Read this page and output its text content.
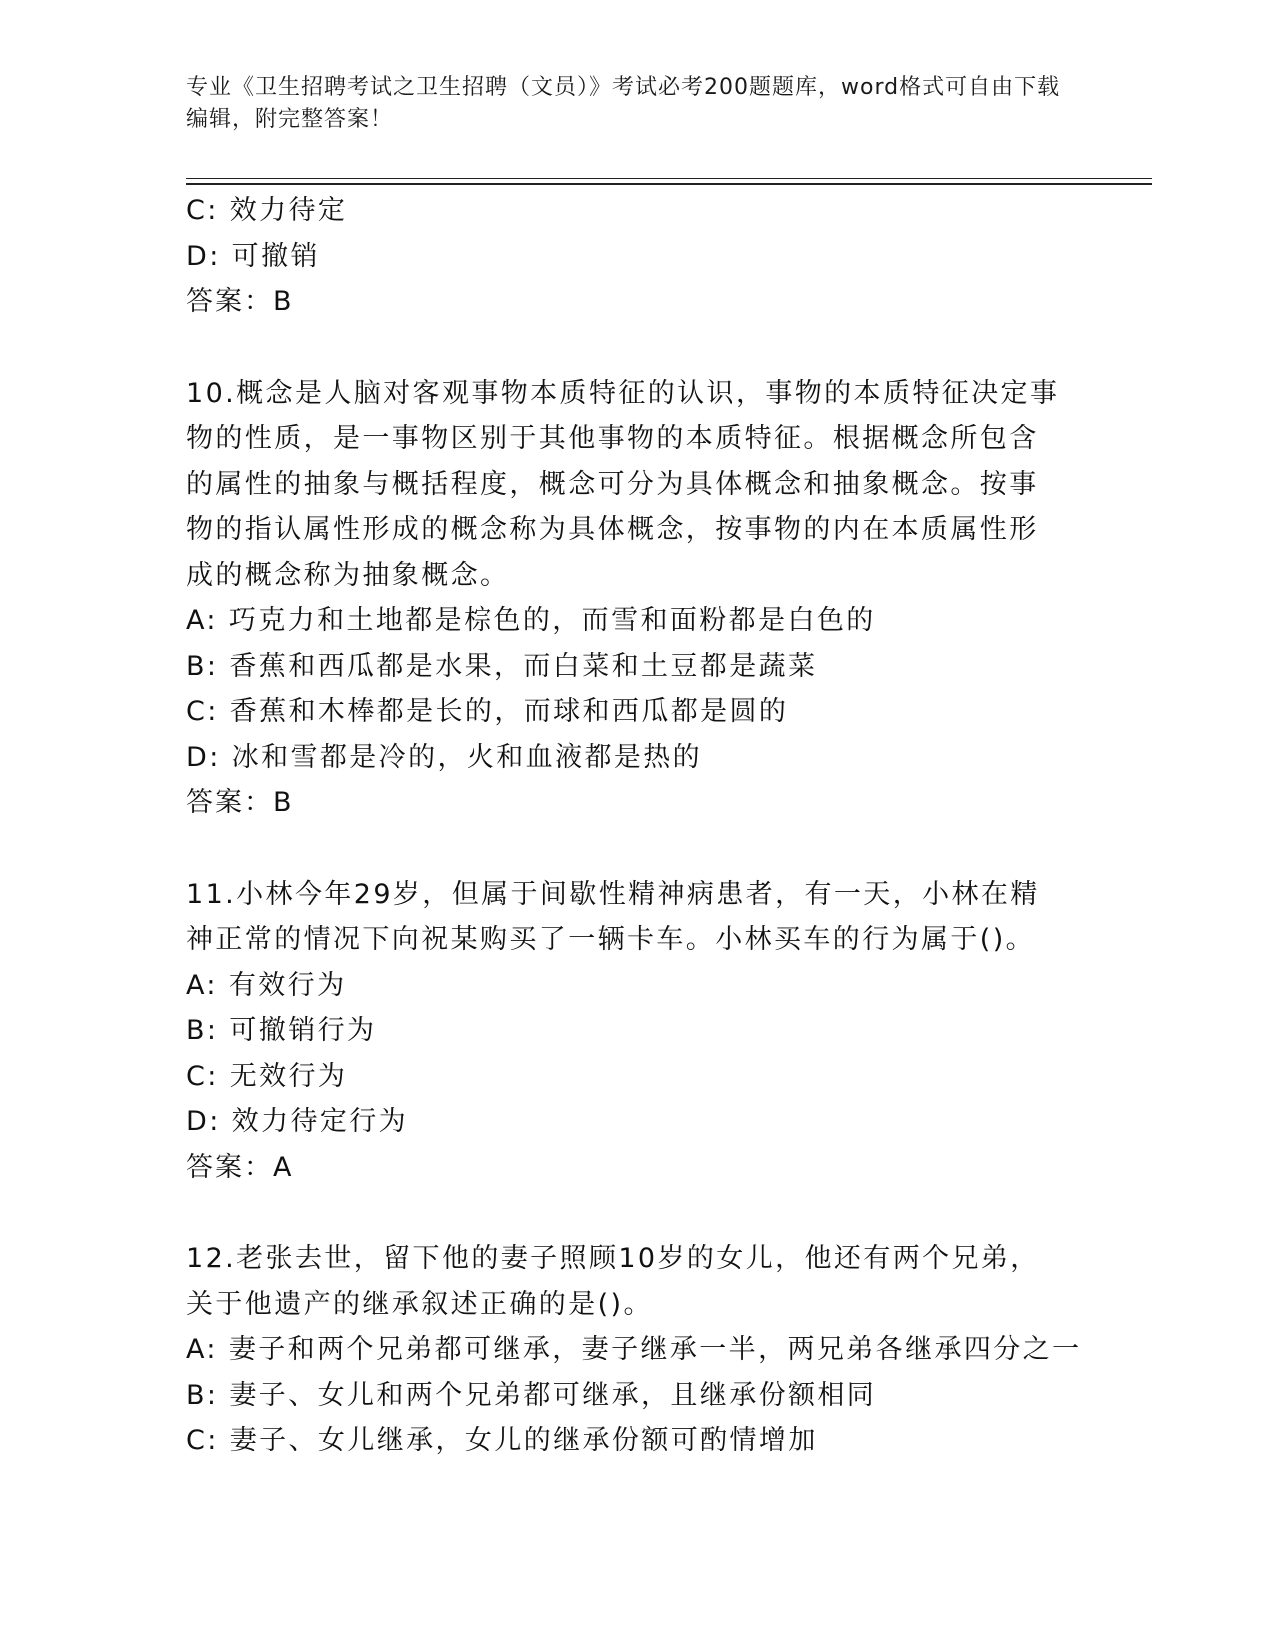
专业《卫生招聘考试之卫生招聘（文员）》考试必考200题题库，word格式可自由下载编辑，附完整答案！
C: 效力待定
D: 可撤销
答案：B
10.概念是人脑对客观事物本质特征的认识，事物的本质特征决定事物的性质，是一事物区别于其他事物的本质特征。根据概念所包含的属性的抽象与概括程度，概念可分为具体概念和抽象概念。按事物的指认属性形成的概念称为具体概念，按事物的内在本质属性形成的概念称为抽象概念。
A: 巧克力和土地都是棕色的，而雪和面粉都是白色的
B: 香蕉和西瓜都是水果，而白菜和土豆都是蔬菜
C: 香蕉和木棒都是长的，而球和西瓜都是圆的
D: 冰和雪都是冷的，火和血液都是热的
答案：B
11.小林今年29岁，但属于间歇性精神病患者，有一天，小林在精神正常的情况下向祝某购买了一辆卡车。小林买车的行为属于()。
A: 有效行为
B: 可撤销行为
C: 无效行为
D: 效力待定行为
答案：A
12.老张去世，留下他的妻子照顾10岁的女儿，他还有两个兄弟，关于他遗产的继承叙述正确的是()。
A: 妻子和两个兄弟都可继承，妻子继承一半，两兄弟各继承四分之一
B: 妻子、女儿和两个兄弟都可继承，且继承份额相同
C: 妻子、女儿继承，女儿的继承份额可酌情增加
